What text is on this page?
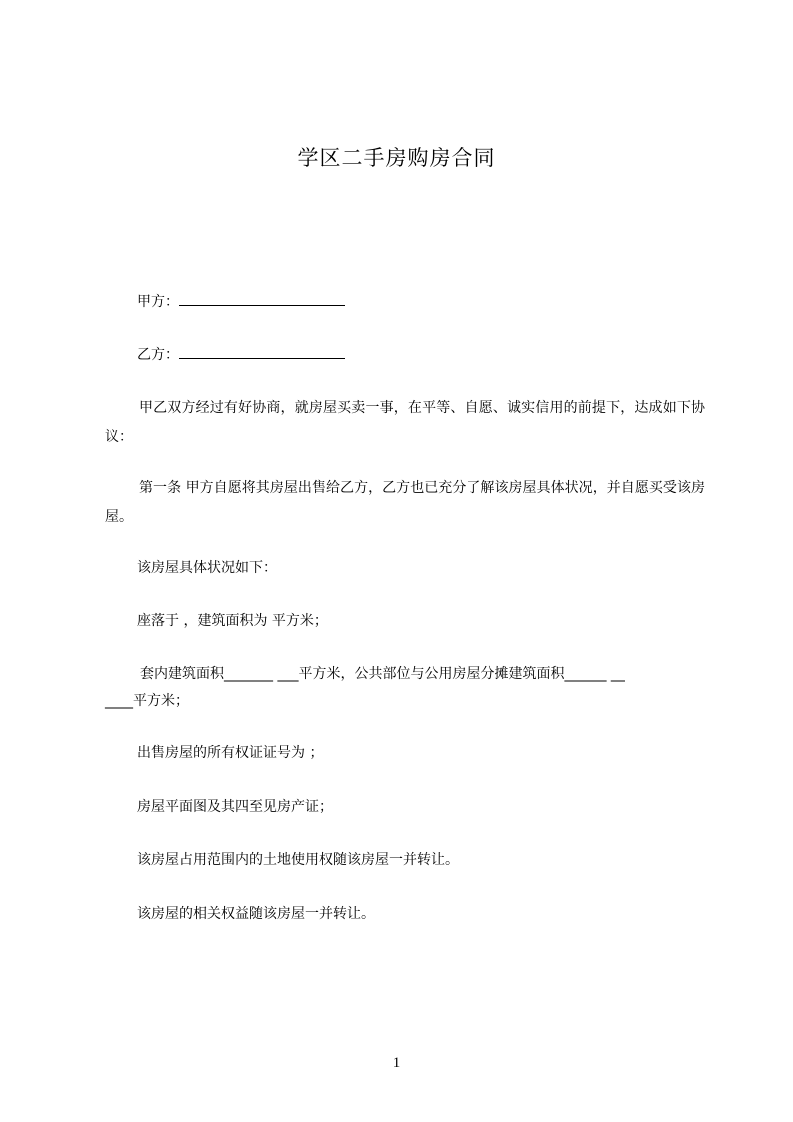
学区二手房购房合同
甲方：
乙方：
甲乙双方经过有好协商，就房屋买卖一事，在平等、自愿、诚实信用的前提下，达成如下协议：
第一条 甲方自愿将其房屋出售给乙方，乙方也已充分了解该房屋具体状况，并自愿买受该房屋。
该房屋具体状况如下：
座落于 ，建筑面积为 平方米；
套内建筑面积_______ ___平方米，公共部位与公用房屋分摊建筑面积______ __
____平方米；
出售房屋的所有权证证号为 ；
房屋平面图及其四至见房产证；
该房屋占用范围内的土地使用权随该房屋一并转让。
该房屋的相关权益随该房屋一并转让。
1
